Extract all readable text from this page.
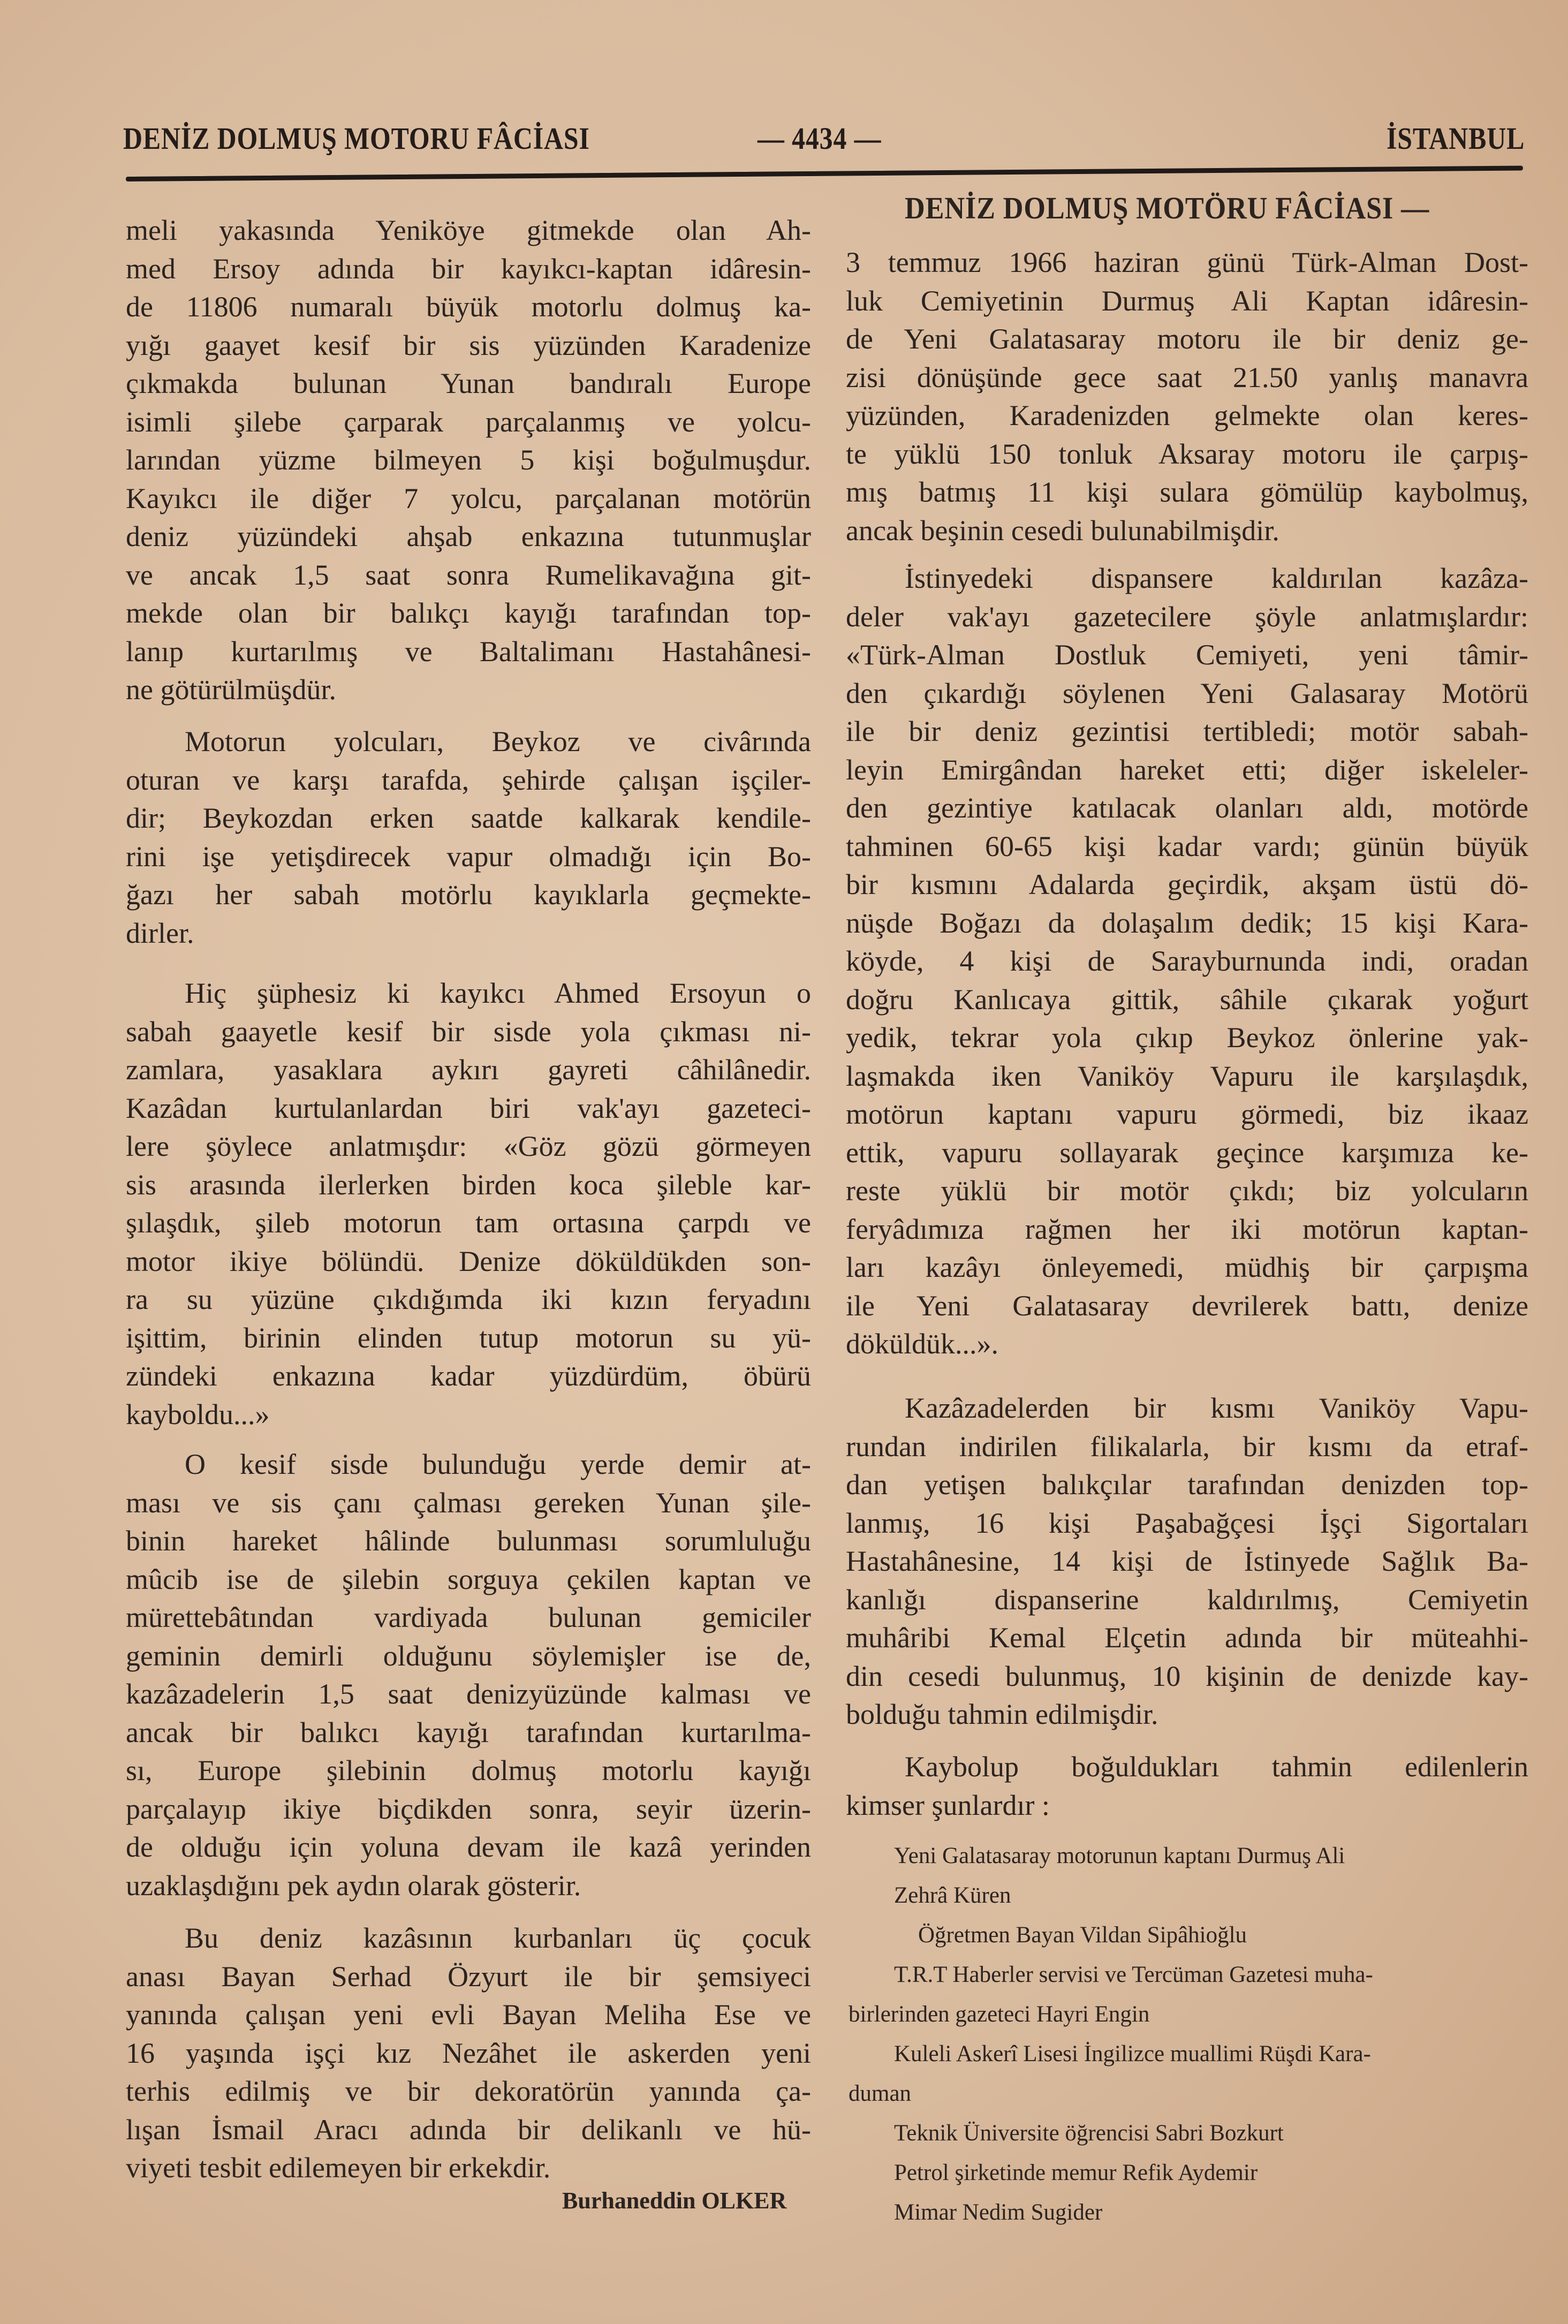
DENİZ DOLMUŞ MOTORU FÂCİASI	— 4434 —	İSTANBUL
meli yakasında Yeniköye gitmekde olan Ah-
med Ersoy adında bir kayıkcı-kaptan idâresin-
de 11806 numaralı büyük motorlu dolmuş ka-
yığı gaayet kesif bir sis yüzünden Karadenize
çıkmakda bulunan Yunan bandıralı Europe
isimli şilebe çarparak parçalanmış ve yolcu-
larından yüzme bilmeyen 5 kişi boğulmuşdur.
Kayıkcı ile diğer 7 yolcu, parçalanan motörün
deniz yüzündeki ahşab enkazına tutunmuşlar
ve ancak 1,5 saat sonra Rumelikavağına git-
mekde olan bir balıkçı kayığı tarafından top-
lanıp kurtarılmış ve Baltalimanı Hastahânesi-
ne götürülmüşdür.
Motorun yolcuları, Beykoz ve civârında
oturan ve karşı tarafda, şehirde çalışan işçiler-
dir; Beykozdan erken saatde kalkarak kendile-
rini işe yetişdirecek vapur olmadığı için Bo-
ğazı her sabah motörlu kayıklarla geçmekte-
dirler.
Hiç şüphesiz ki kayıkcı Ahmed Ersoyun o
sabah gaayetle kesif bir sisde yola çıkması ni-
zamlara, yasaklara aykırı gayreti câhilânedir.
Kazâdan kurtulanlardan biri vak'ayı gazeteci-
lere şöylece anlatmışdır: «Göz gözü görmeyen
sis arasında ilerlerken birden koca şileble kar-
şılaşdık, şileb motorun tam ortasına çarpdı ve
motor ikiye bölündü. Denize döküldükden son-
ra su yüzüne çıkdığımda iki kızın feryadını
işittim, birinin elinden tutup motorun su yü-
zündeki enkazına kadar yüzdürdüm, öbürü
kayboldu...»
O kesif sisde bulunduğu yerde demir at-
ması ve sis çanı çalması gereken Yunan şile-
binin hareket hâlinde bulunması sorumluluğu
mûcib ise de şilebin sorguya çekilen kaptan ve
mürettebâtından vardiyada bulunan gemiciler
geminin demirli olduğunu söylemişler ise de,
kazâzadelerin 1,5 saat denizyüzünde kalması ve
ancak bir balıkcı kayığı tarafından kurtarılma-
sı, Europe şilebinin dolmuş motorlu kayığı
parçalayıp ikiye biçdikden sonra, seyir üzerin-
de olduğu için yoluna devam ile kazâ yerinden
uzaklaşdığını pek aydın olarak gösterir.
Bu deniz kazâsının kurbanları üç çocuk
anası Bayan Serhad Özyurt ile bir şemsiyeci
yanında çalışan yeni evli Bayan Meliha Ese ve
16 yaşında işçi kız Nezâhet ile askerden yeni
terhis edilmiş ve bir dekoratörün yanında ça-
lışan İsmail Aracı adında bir delikanlı ve hü-
viyeti tesbit edilemeyen bir erkekdir.
Burhaneddin OLKER
DENİZ DOLMUŞ MOTÖRU FÂCİASI —
3 temmuz 1966 haziran günü Türk-Alman Dost-
luk Cemiyetinin Durmuş Ali Kaptan idâresin-
de Yeni Galatasaray motoru ile bir deniz ge-
zisi dönüşünde gece saat 21.50 yanlış manavra
yüzünden, Karadenizden gelmekte olan keres-
te yüklü 150 tonluk Aksaray motoru ile çarpış-
mış batmış 11 kişi sulara gömülüp kaybolmuş,
ancak beşinin cesedi bulunabilmişdir.
İstinyedeki dispansere kaldırılan kazâza-
deler vak'ayı gazetecilere şöyle anlatmışlardır:
«Türk-Alman Dostluk Cemiyeti, yeni tâmir-
den çıkardığı söylenen Yeni Galasaray Motörü
ile bir deniz gezintisi tertibledi; motör sabah-
leyin Emirgândan hareket etti; diğer iskeleler-
den gezintiye katılacak olanları aldı, motörde
tahminen 60-65 kişi kadar vardı; günün büyük
bir kısmını Adalarda geçirdik, akşam üstü dö-
nüşde Boğazı da dolaşalım dedik; 15 kişi Kara-
köyde, 4 kişi de Sarayburnunda indi, oradan
doğru Kanlıcaya gittik, sâhile çıkarak yoğurt
yedik, tekrar yola çıkıp Beykoz önlerine yak-
laşmakda iken Vaniköy Vapuru ile karşılaşdık,
motörun kaptanı vapuru görmedi, biz ikaaz
ettik, vapuru sollayarak geçince karşımıza ke-
reste yüklü bir motör çıkdı; biz yolcuların
feryâdımıza rağmen her iki motörun kaptan-
ları kazâyı önleyemedi, müdhiş bir çarpışma
ile Yeni Galatasaray devrilerek battı, denize
döküldük...».
Kazâzadelerden bir kısmı Vaniköy Vapu-
rundan indirilen filikalarla, bir kısmı da etraf-
dan yetişen balıkçılar tarafından denizden top-
lanmış, 16 kişi Paşabağçesi İşçi Sigortaları
Hastahânesine, 14 kişi de İstinyede Sağlık Ba-
kanlığı dispanserine kaldırılmış, Cemiyetin
muhâribi Kemal Elçetin adında bir müteahhi-
din cesedi bulunmuş, 10 kişinin de denizde kay-
bolduğu tahmin edilmişdir.
Kaybolup boğuldukları tahmin edilenlerin
kimser şunlardır :
Yeni Galatasaray motorunun kaptanı Durmuş Ali
Zehrâ Küren
Öğretmen Bayan Vildan Sipâhioğlu
T.R.T Haberler servisi ve Tercüman Gazetesi muha-
birlerinden gazeteci Hayri Engin
Kuleli Askerî Lisesi İngilizce muallimi Rüşdi Kara-
duman
Teknik Üniversite öğrencisi Sabri Bozkurt
Petrol şirketinde memur Refik Aydemir
Mimar Nedim Sugider
